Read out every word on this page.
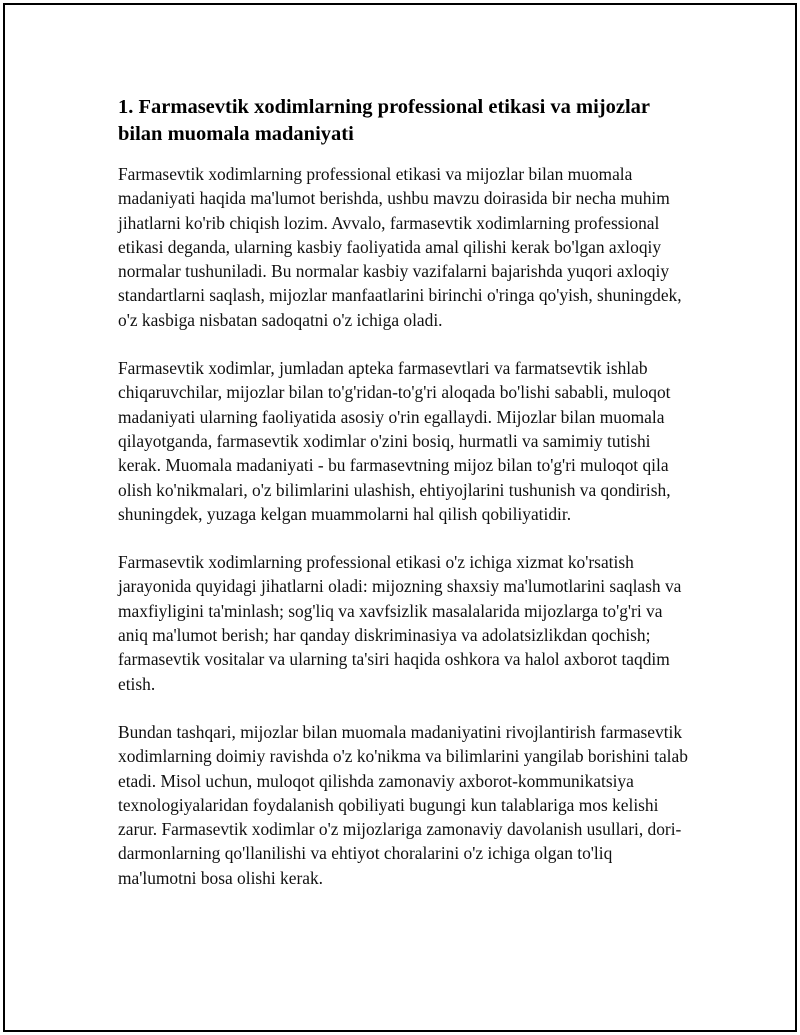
1. Farmasevtik xodimlarning professional etikasi va mijozlar bilan muomala madaniyati

Farmasevtik xodimlarning professional etikasi va mijozlar bilan muomala madaniyati haqida ma'lumot berishda, ushbu mavzu doirasida bir necha muhim jihatlarni ko'rib chiqish lozim. Avvalo, farmasevtik xodimlarning professional etikasi deganda, ularning kasbiy faoliyatida amal qilishi kerak bo'lgan axloqiy normalar tushuniladi. Bu normalar kasbiy vazifalarni bajarishda yuqori axloqiy standartlarni saqlash, mijozlar manfaatlarini birinchi o'ringa qo'yish, shuningdek, o'z kasbiga nisbatan sadoqatni o'z ichiga oladi.

Farmasevtik xodimlar, jumladan apteka farmasevtlari va farmatsevtik ishlab chiqaruvchilar, mijozlar bilan to'g'ridan-to'g'ri aloqada bo'lishi sababli, muloqot madaniyati ularning faoliyatida asosiy o'rin egallaydi. Mijozlar bilan muomala qilayotganda, farmasevtik xodimlar o'zini bosiq, hurmatli va samimiy tutishi kerak. Muomala madaniyati - bu farmasevtning mijoz bilan to'g'ri muloqot qila olish ko'nikmalari, o'z bilimlarini ulashish, ehtiyojlarini tushunish va qondirish, shuningdek, yuzaga kelgan muammolarni hal qilish qobiliyatidir.

Farmasevtik xodimlarning professional etikasi o'z ichiga xizmat ko'rsatish jarayonida quyidagi jihatlarni oladi: mijozning shaxsiy ma'lumotlarini saqlash va maxfiyligini ta'minlash; sog'liq va xavfsizlik masalalarida mijozlarga to'g'ri va aniq ma'lumot berish; har qanday diskriminasiya va adolatsizlikdan qochish; farmasevtik vositalar va ularning ta'siri haqida oshkora va halol axborot taqdim etish.

Bundan tashqari, mijozlar bilan muomala madaniyatini rivojlantirish farmasevtik xodimlarning doimiy ravishda o'z ko'nikma va bilimlarini yangilab borishini talab etadi. Misol uchun, muloqot qilishda zamonaviy axborot-kommunikatsiya texnologiyalaridan foydalanish qobiliyati bugungi kun talablariga mos kelishi zarur. Farmasevtik xodimlar o'z mijozlariga zamonaviy davolanish usullari, dori-darmonlarning qo'llanilishi va ehtiyot choralarini o'z ichiga olgan to'liq ma'lumotni bosa olishi kerak.
